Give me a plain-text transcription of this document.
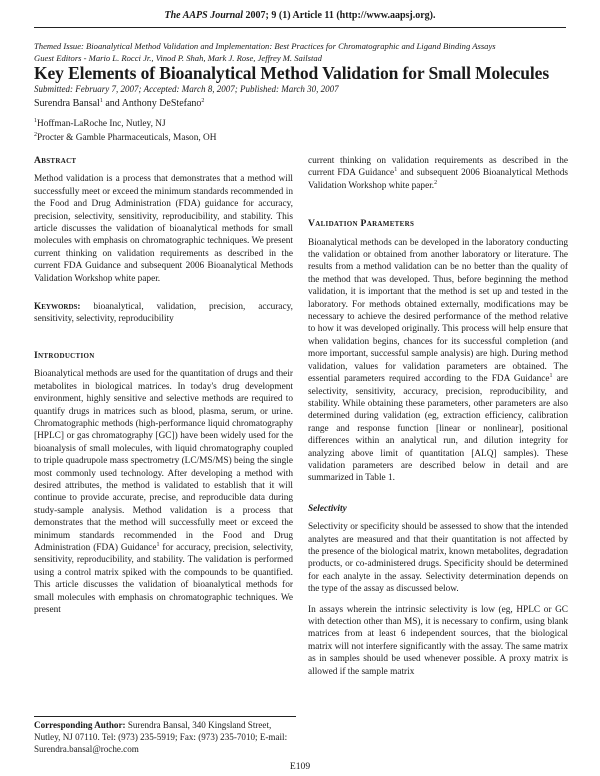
The AAPS Journal 2007; 9 (1) Article 11 (http://www.aapsj.org).
Themed Issue: Bioanalytical Method Validation and Implementation: Best Practices for Chromatographic and Ligand Binding Assays
Guest Editors - Mario L. Rocci Jr., Vinod P. Shah, Mark J. Rose, Jeffrey M. Sailstad
Key Elements of Bioanalytical Method Validation for Small Molecules
Submitted: February 7, 2007; Accepted: March 8, 2007; Published: March 30, 2007
Surendra Bansal$^1$ and Anthony DeStefano$^2$
$^1$Hoffman-LaRoche Inc, Nutley, NJ
$^2$Procter & Gamble Pharmaceuticals, Mason, OH
Abstract

Method validation is a process that demonstrates that a method will successfully meet or exceed the minimum standards recommended in the Food and Drug Administration (FDA) guidance for accuracy, precision, selectivity, sensitivity, reproducibility, and stability. This article discusses the validation of bioanalytical methods for small molecules with emphasis on chromatographic techniques. We present current thinking on validation requirements as described in the current FDA Guidance and subsequent 2006 Bioanalytical Methods Validation Workshop white paper.

Keywords: bioanalytical, validation, precision, accuracy, sensitivity, selectivity, reproducibility

Introduction

Bioanalytical methods are used for the quantitation of drugs and their metabolites in biological matrices. In today's drug development environment, highly sensitive and selective methods are required to quantify drugs in matrices such as blood, plasma, serum, or urine. Chromatographic methods (high-performance liquid chromatography [HPLC] or gas chromatography [GC]) have been widely used for the bioanalysis of small molecules, with liquid chromatography coupled to triple quadrupole mass spectrometry (LC/MS/MS) being the single most commonly used technology. After developing a method with desired attributes, the method is validated to establish that it will continue to provide accurate, precise, and reproducible data during study-sample analysis. Method validation is a process that demonstrates that the method will successfully meet or exceed the minimum standards recommended in the Food and Drug Administration (FDA) Guidance$^1$ for accuracy, precision, selectivity, sensitivity, reproducibility, and stability. The validation is performed using a control matrix spiked with the compounds to be quantified. This article discusses the validation of bioanalytical methods for small molecules with emphasis on chromatographic techniques. We present

Corresponding Author: Surendra Bansal, 340 Kingsland Street, Nutley, NJ 07110. Tel: (973) 235-5919; Fax: (973) 235-7010; E-mail: Surendra.bansal@roche.com

current thinking on validation requirements as described in the current FDA Guidance$^1$ and subsequent 2006 Bioanalytical Methods Validation Workshop white paper.$^2$

Validation Parameters

Bioanalytical methods can be developed in the laboratory conducting the validation or obtained from another laboratory or literature. The results from a method validation can be no better than the quality of the method that was developed. Thus, before beginning the method validation, it is important that the method is set up and tested in the laboratory. For methods obtained externally, modifications may be necessary to achieve the desired performance of the method relative to how it was developed originally. This process will help ensure that when validation begins, chances for its successful completion (and more important, successful sample analysis) are high. During method validation, values for validation parameters are obtained. The essential parameters required according to the FDA Guidance$^1$ are selectivity, sensitivity, accuracy, precision, reproducibility, and stability. While obtaining these parameters, other parameters are also determined during validation (eg, extraction efficiency, calibration range and response function [linear or nonlinear], positional differences within an analytical run, and dilution integrity for analyzing above limit of quantitation [ALQ] samples). These validation parameters are described below in detail and are summarized in Table 1.

Selectivity

Selectivity or specificity should be assessed to show that the intended analytes are measured and that their quantitation is not affected by the presence of the biological matrix, known metabolites, degradation products, or co-administered drugs. Specificity should be determined for each analyte in the assay. Selectivity determination depends on the type of the assay as discussed below.

In assays wherein the intrinsic selectivity is low (eg, HPLC or GC with detection other than MS), it is necessary to confirm, using blank matrices from at least 6 independent sources, that the biological matrix will not interfere significantly with the assay. The same matrix as in samples should be used whenever possible. A proxy matrix is allowed if the sample matrix

E109
